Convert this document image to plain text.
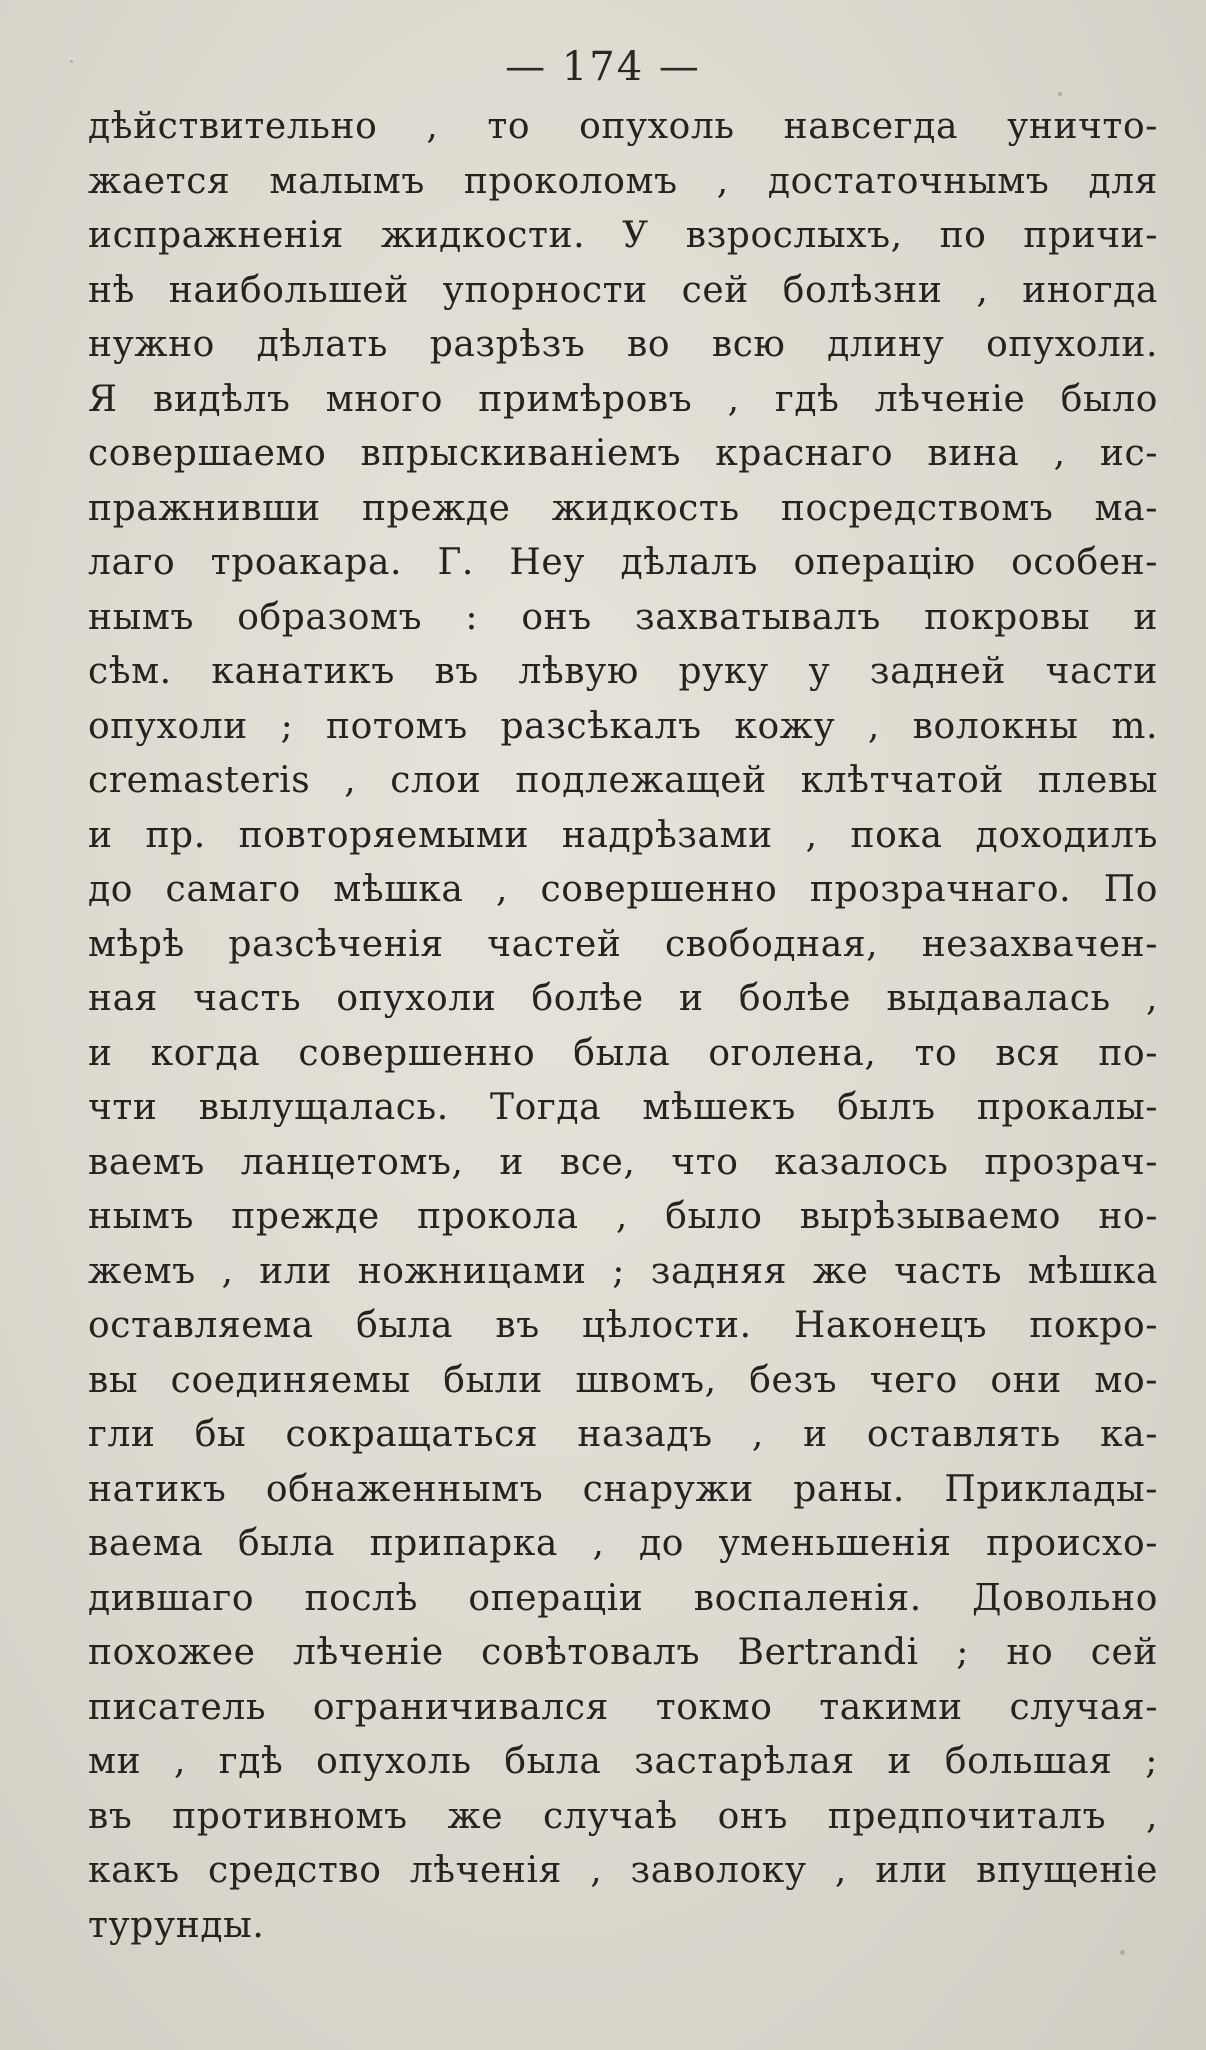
— 174 —
дѣйствительно , то опухоль навсегда уничто-
жается малымъ проколомъ , достаточнымъ для
испражненія жидкости. У взрослыхъ, по причи-
нѣ наибольшей упорности сей болѣзни , иногда
нужно дѣлать разрѣзъ во всю длину опухоли.
Я видѣлъ много примѣровъ , гдѣ лѣченіе было
совершаемо впрыскиваніемъ краснаго вина , ис-
пражнивши прежде жидкость посредствомъ ма-
лаго троакара. Г. Неу дѣлалъ операцію особен-
нымъ образомъ : онъ захватывалъ покровы и
сѣм. канатикъ въ лѣвую руку у задней части
опухоли ; потомъ разсѣкалъ кожу , волокны m.
cremasteris , слои подлежащей клѣтчатой плевы
и пр. повторяемыми надрѣзами , пока доходилъ
до самаго мѣшка , совершенно прозрачнаго. По
мѣрѣ разсѣченія частей свободная, незахвачен-
ная часть опухоли болѣе и болѣе выдавалась ,
и когда совершенно была оголена, то вся по-
чти вылущалась. Тогда мѣшекъ былъ прокалы-
ваемъ ланцетомъ, и все, что казалось прозрач-
нымъ прежде прокола , было вырѣзываемо но-
жемъ , или ножницами ; задняя же часть мѣшка
оставляема была въ цѣлости. Наконецъ покро-
вы соединяемы были швомъ, безъ чего они мо-
гли бы сокращаться назадъ , и оставлять ка-
натикъ обнаженнымъ снаружи раны. Приклады-
ваема была припарка , до уменьшенія происхо-
дившаго послѣ операціи воспаленія. Довольно
похожее лѣченіе совѣтовалъ Bertrandi ; но сей
писатель ограничивался токмо такими случая-
ми , гдѣ опухоль была застарѣлая и большая ;
въ противномъ же случаѣ онъ предпочиталъ ,
какъ средство лѣченія , заволоку , или впущеніе
турунды.
